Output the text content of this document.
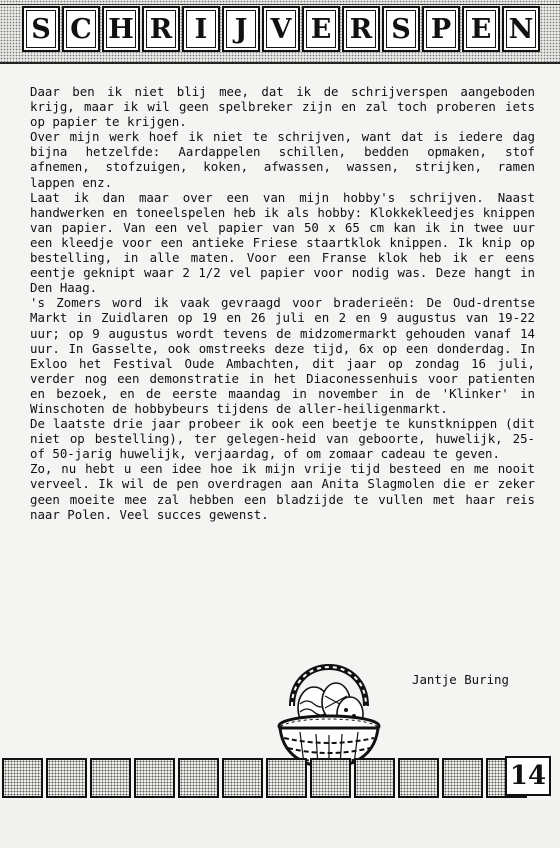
S C H R I	J V E R S P E N

Daar ben ik niet blij mee, dat ik de schrijverspen aangeboden krijg, maar ik wil geen spelbreker zijn en zal toch proberen iets op papier te krijgen.

Over mijn werk hoef ik niet te schrijven, want dat is iedere dag bijna hetzelfde: Aardappelen schillen, bedden opmaken, stof afnemen, stofzuigen, koken, afwassen, wassen, strijken, ramen lappen enz.

Laat ik dan maar over een van mijn hobby's schrijven. Naast handwerken en toneelspelen heb ik als hobby: Klokkekleedjes knippen van papier. Van een vel papier van 50 x 65 cm kan ik in twee uur een kleedje voor een antieke Friese staartklok knippen. Ik knip op bestelling, in alle maten. Voor een Franse klok heb ik er eens eentje geknipt waar 2 1/2 vel papier voor nodig was. Deze hangt in Den Haag.

's Zomers word ik vaak gevraagd voor braderieën: De Oud-drentse Markt in Zuidlaren op 19 en 26 juli en 2 en 9 augustus van 19-22 uur; op 9 augustus wordt tevens de midzomermarkt gehouden vanaf 14 uur. In Gasselte, ook omstreeks deze tijd, 6x op een donderdag. In Exloo het Festival Oude Ambachten, dit jaar op zondag 16 juli, verder nog een demonstratie in het Diaconessenhuis voor patienten en bezoek, en de eerste maandag in november in de 'Klinker' in Winschoten de hobbybeurs tijdens de aller-heiligenmarkt.

De laatste drie jaar probeer ik ook een beetje te kunstknippen (dit niet op bestelling), ter gelegen-heid van geboorte, huwelijk, 25- of 50-jarig huwelijk, verjaardag, of om zomaar cadeau te geven.

Zo, nu hebt u een idee hoe ik mijn vrije tijd besteed en me nooit verveel. Ik wil de pen overdragen aan Anita Slagmolen die er zeker geen moeite mee zal hebben een bladzijde te vullen met haar reis naar Polen. Veel succes gewenst.

Jantje Buring
14
